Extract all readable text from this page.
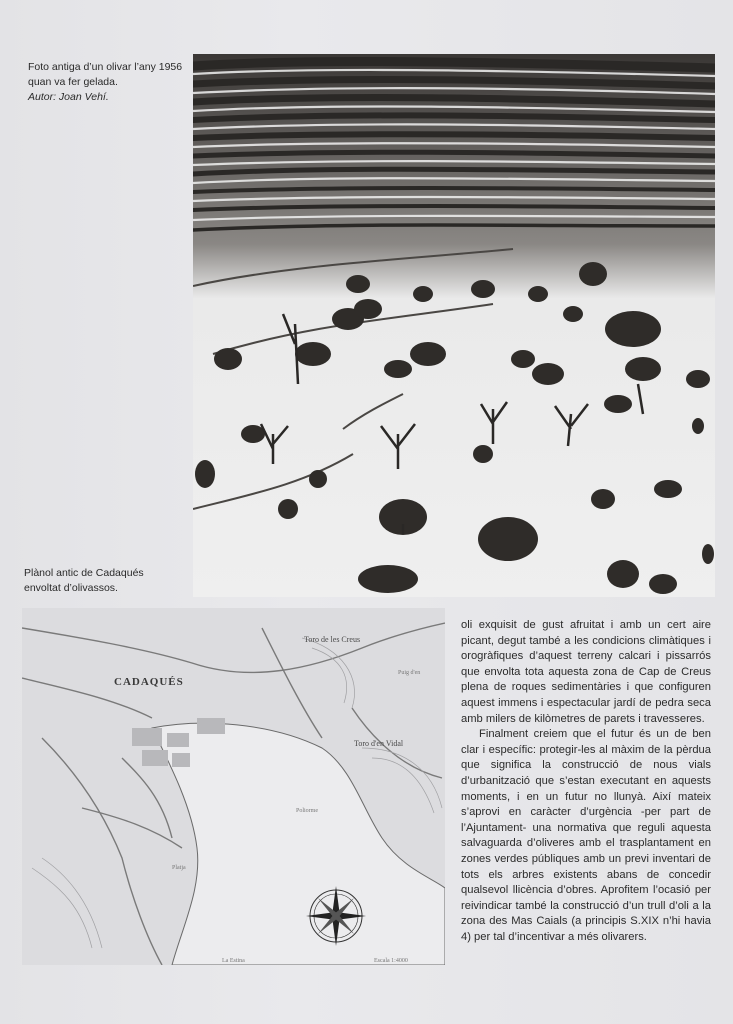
Foto antiga d’un olivar l’any 1956
quan va fer gelada.
Autor: Joan Vehí.
Plànol antic de Cadaqués
envoltat d’olivassos.
CADAQUÉS
Toro de les Creus
Toro d'en Vidal
Puig d'en
Poliorme
Platja
La Estina	Escala 1:4000

oli exquisit de gust afruitat i amb un cert aire picant, degut també a les condicions climàtiques i orogràfiques d’aquest terreny calcari i pissarrós que envolta tota aquesta zona de Cap de Creus plena de roques sedimentàries i que configuren aquest immens i espectacular jardí de pedra seca amb milers de kilòmetres de parets i travesseres.

Finalment creiem que el futur és un de ben clar i específic: protegir-les al màxim de la pèrdua que significa la construcció de nous vials d’urbanització que s’estan executant en aquests moments, i en un futur no llunyà. Així mateix s’aprovi en caràcter d’urgència -per part de l’Ajuntament- una normativa que reguli aquesta salvaguarda d’oliveres amb el trasplantament en zones verdes públiques amb un previ inventari de tots els arbres existents abans de concedir qualsevol llicència d’obres. Aprofitem l’ocasió per reivindicar també la construcció d’un trull d’oli a la zona des Mas Caials (a principis S.XIX n’hi havia 4) per tal d’incentivar a més olivarers.
